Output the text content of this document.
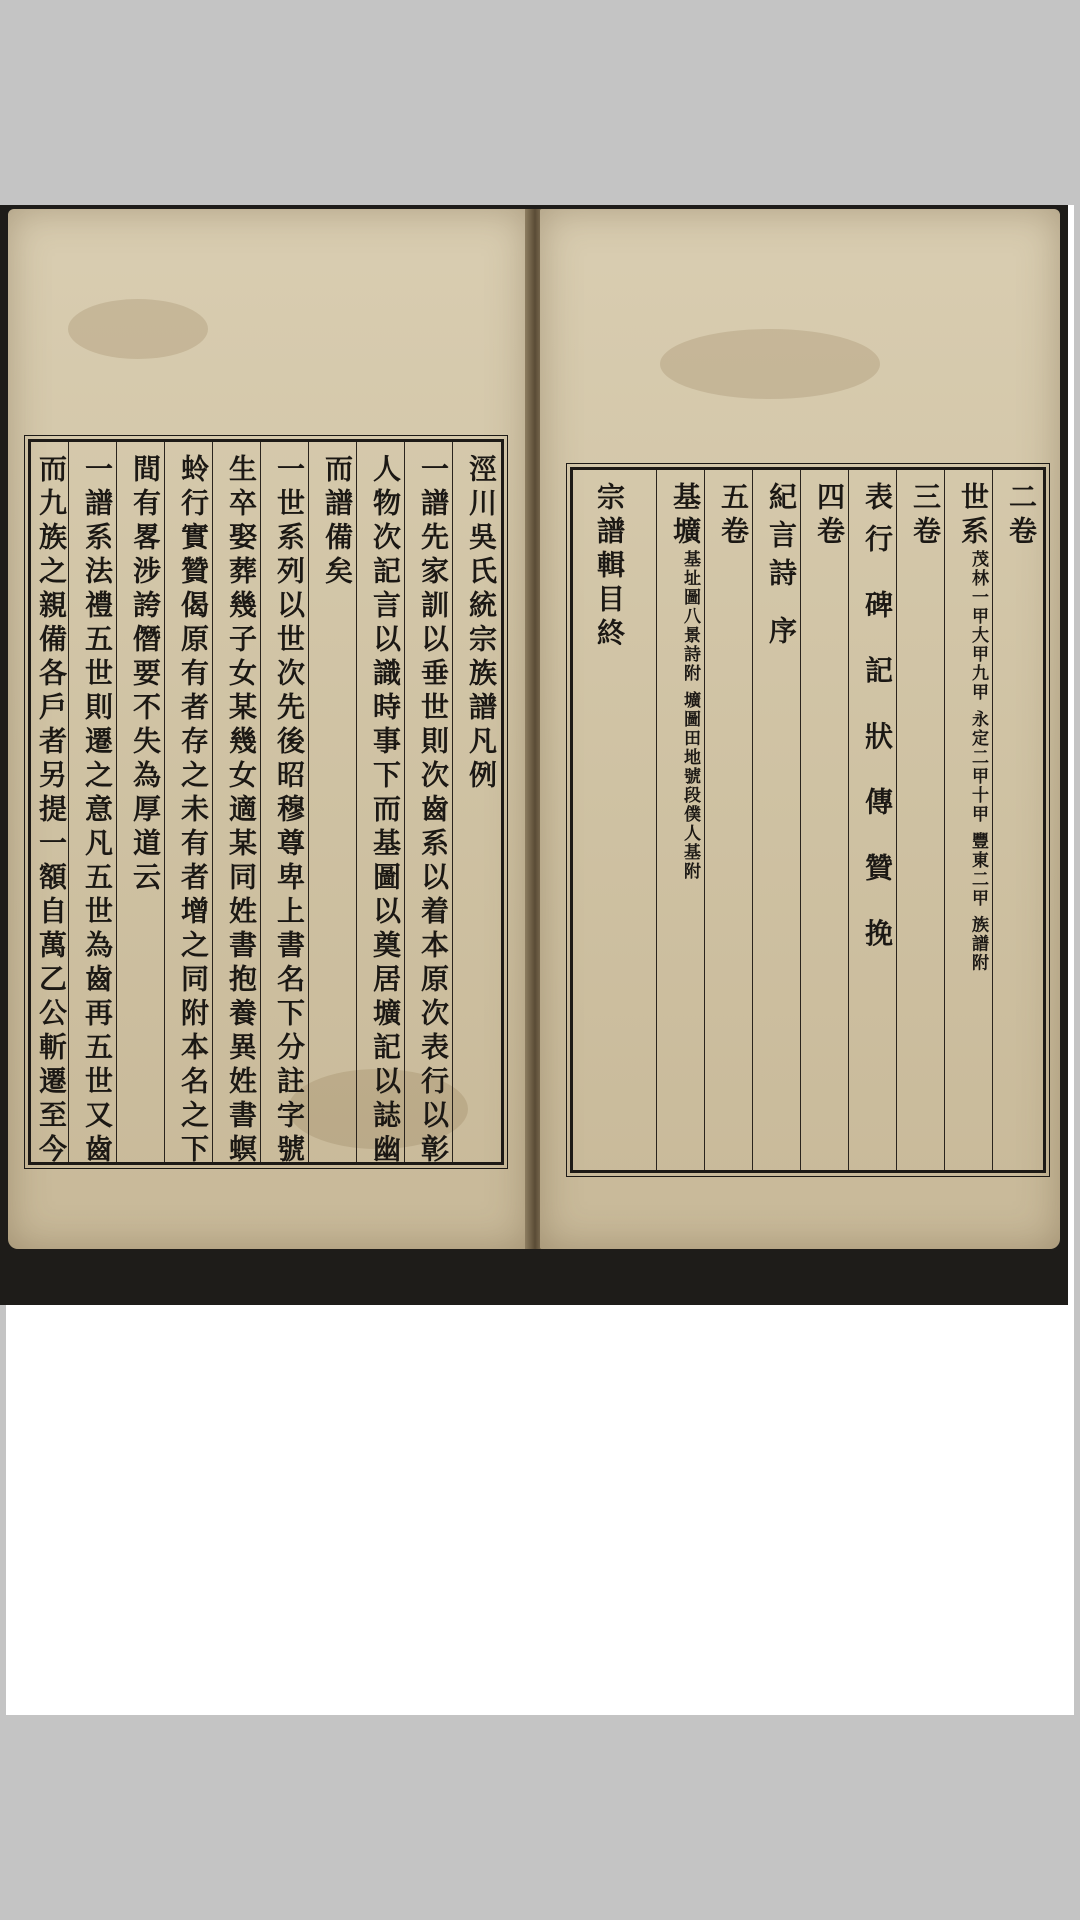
涇川吳氏統宗族譜凡例
一譜先家訓以垂世則次齒系以着本原次表行以彰
人物次記言以識時事下而基圖以奠居壙記以誌幽
而譜備矣
一世系列以世次先後昭穆尊卑上書名下分註字號
生卒娶葬幾子女某幾女適某同姓書抱養異姓書螟
蛉行實贊偈原有者存之未有者增之同附本名之下
間有畧涉誇僭要不失為厚道云
一譜系法禮五世則遷之意凡五世為齒再五世又齒
而九族之親備各戶者另提一額自萬乙公斬遷至今	二卷
世系
茂林一甲大甲九甲 永定二甲十甲 豐東二甲 族譜附
三卷
表行 碑 記 狀 傳 贊 挽
四卷
紀言詩 序
五卷
基壙
基址圖八景詩附 壙圖田地號段僕人基附
宗譜輯目終
